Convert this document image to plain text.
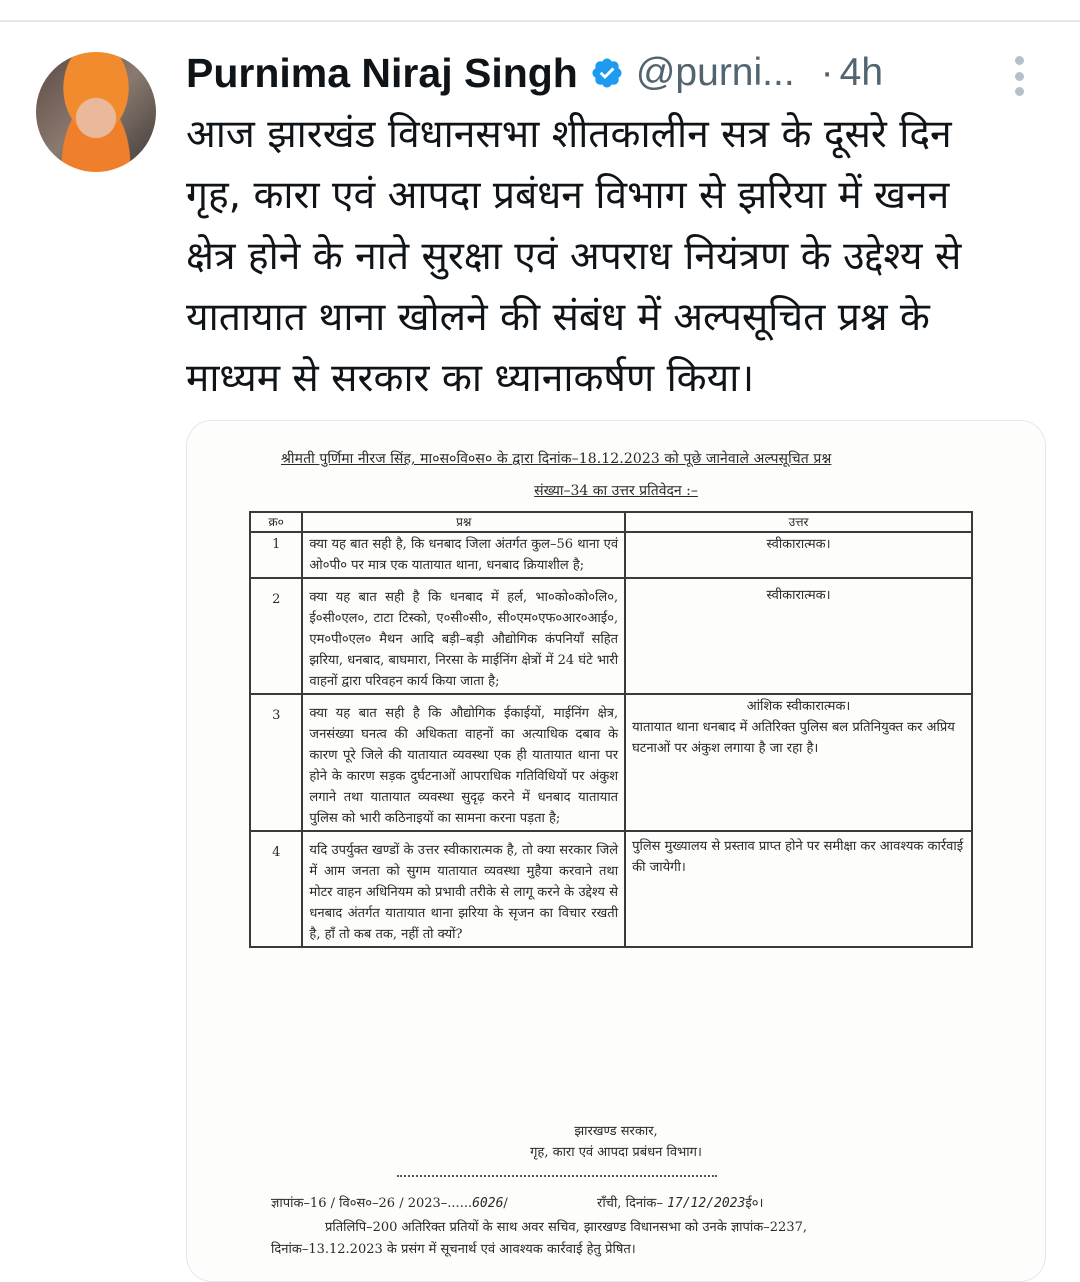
Purnima Niraj Singh @purni... · 4h
आज झारखंड विधानसभा शीतकालीन सत्र के दूसरे दिन
गृह, कारा एवं आपदा प्रबंधन विभाग से झरिया में खनन
क्षेत्र होने के नाते सुरक्षा एवं अपराध नियंत्रण के उद्देश्य से
यातायात थाना खोलने की संबंध में अल्पसूचित प्रश्न के
माध्यम से सरकार का ध्यानाकर्षण किया।
श्रीमती पुर्णिमा नीरज सिंह, मा०स०वि०स० के द्वारा दिनांक–18.12.2023 को पूछे जानेवाले अल्पसूचित प्रश्न
संख्या–34 का उत्तर प्रतिवेदन :–
क्र०	प्रश्न	उत्तर
1	क्या यह बात सही है, कि धनबाद जिला अंतर्गत कुल–56 थाना एवं ओ०पी० पर मात्र एक यातायात थाना, धनबाद क्रियाशील है;	स्वीकारात्मक।

2	क्या यह बात सही है कि धनबाद में हर्ल, भा०को०को०लि०, ई०सी०एल०, टाटा टिस्को, ए०सी०सी०, सी०एम०एफ०आर०आई०, एम०पी०एल० मैथन आदि बड़ी–बड़ी औद्योगिक कंपनियाँ सहित झरिया, धनबाद, बाघमारा, निरसा के माईनिंग क्षेत्रों में 24 घंटे भारी वाहनों द्वारा परिवहन कार्य किया जाता है;	स्वीकारात्मक।

3	क्या यह बात सही है कि औद्योगिक ईकाईयों, माईनिंग क्षेत्र, जनसंख्या घनत्व की अधिकता वाहनों का अत्याधिक दबाव के कारण पूरे जिले की यातायात व्यवस्था एक ही यातायात थाना पर होने के कारण सड़क दुर्घटनाओं आपराधिक गतिविधियों पर अंकुश लगाने तथा यातायात व्यवस्था सुदृढ़ करने में धनबाद यातायात पुलिस को भारी कठिनाइयों का सामना करना पड़ता है;	आंशिक स्वीकारात्मक।
यातायात थाना धनबाद में अतिरिक्त पुलिस बल प्रतिनियुक्त कर अप्रिय घटनाओं पर अंकुश लगाया है जा रहा है।
4	यदि उपर्युक्त खण्डों के उत्तर स्वीकारात्मक है, तो क्या सरकार जिले में आम जनता को सुगम यातायात व्यवस्था मुहैया करवाने तथा मोटर वाहन अधिनियम को प्रभावी तरीके से लागू करने के उद्देश्य से धनबाद अंतर्गत यातायात थाना झरिया के सृजन का विचार रखती है, हाँ तो कब तक, नहीं तो क्यों?	पुलिस मुख्यालय से प्रस्ताव प्राप्त होने पर समीक्षा कर आवश्यक कार्रवाई की जायेगी।
झारखण्ड सरकार,
गृह, कारा एवं आपदा प्रबंधन विभाग।
ज्ञापांक–16 / वि०स०–26 / 2023–......6026/	राँची, दिनांक– 17/12/2023ई०।
प्रतिलिपि–200 अतिरिक्त प्रतियों के साथ अवर सचिव, झारखण्ड विधानसभा को उनके ज्ञापांक–2237,
दिनांक–13.12.2023 के प्रसंग में सूचनार्थ एवं आवश्यक कार्रवाई हेतु प्रेषित।
